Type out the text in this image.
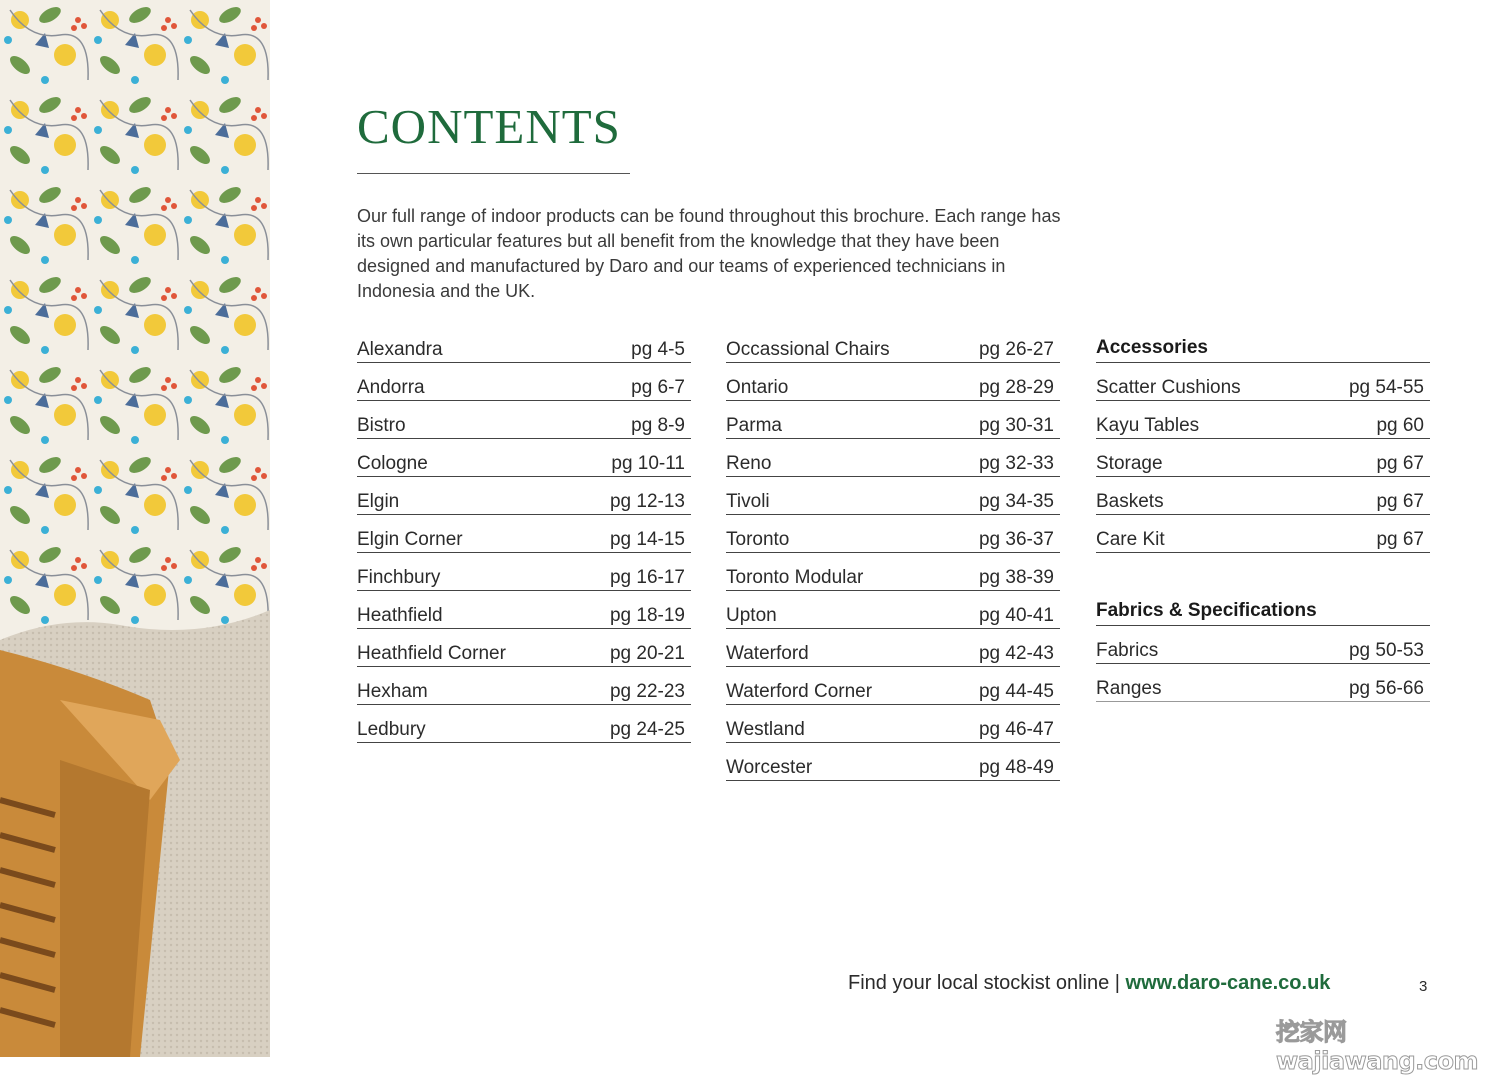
CONTENTS

Our full range of indoor products can be found throughout this brochure. Each range has its own particular features but all benefit from the knowledge that they have been designed and manufactured by Daro and our teams of experienced technicians in Indonesia and the UK.

Alexandra	pg 4-5
Andorra	pg 6-7
Bistro	pg 8-9
Cologne	pg 10-11
Elgin	pg 12-13
Elgin Corner	pg 14-15
Finchbury	pg 16-17
Heathfield	pg 18-19
Heathfield Corner	pg 20-21
Hexham	pg 22-23
Ledbury	pg 24-25
Occassional Chairs	pg 26-27
Ontario	pg 28-29
Parma	pg 30-31
Reno	pg 32-33
Tivoli	pg 34-35
Toronto	pg 36-37
Toronto Modular	pg 38-39
Upton	pg 40-41
Waterford	pg 42-43
Waterford Corner	pg 44-45
Westland	pg 46-47
Worcester	pg 48-49
Accessories
Scatter Cushions	pg 54-55
Kayu Tables	pg 60
Storage	pg 67
Baskets	pg 67
Care Kit	pg 67
Fabrics & Specifications
Fabrics	pg 50-53
Ranges	pg 56-66
Find your local stockist online | www.daro-cane.co.uk	3
挖家网 wajiawang.com
